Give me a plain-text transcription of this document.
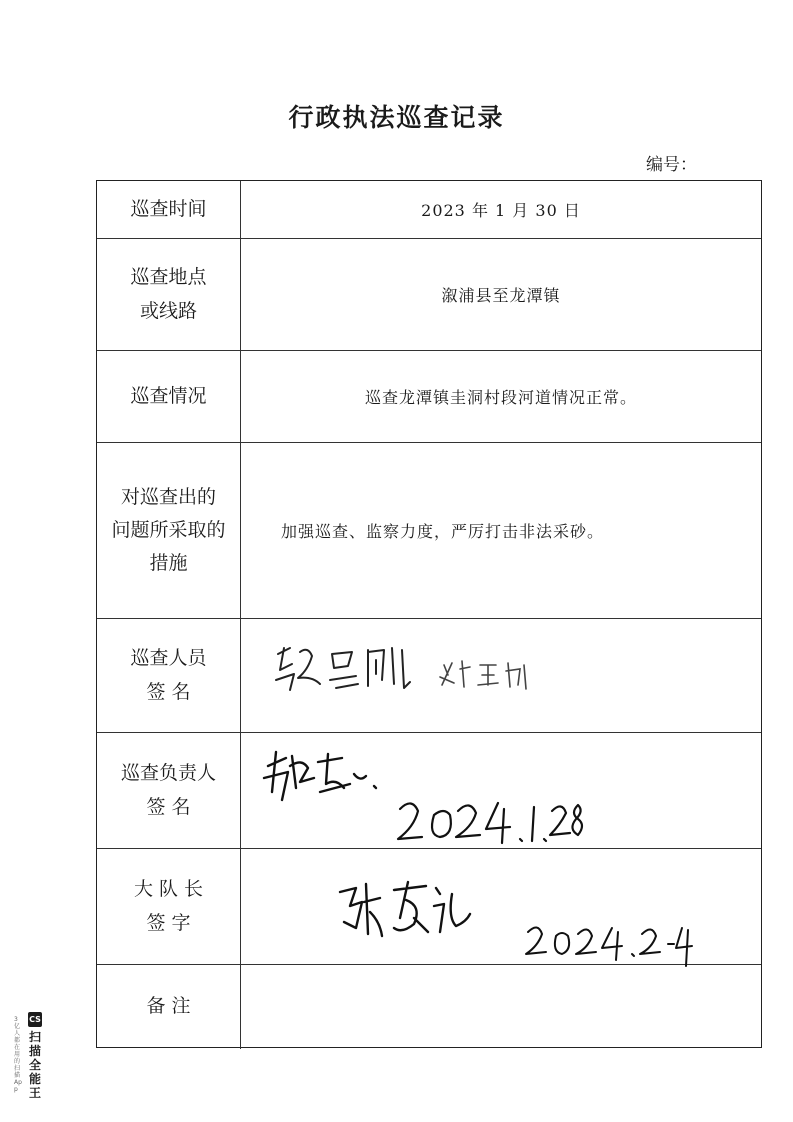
行政执法巡查记录
编号：
巡查时间	2023 年 1 月 30 日
巡查地点
或线路
溆浦县至龙潭镇
巡查情况	巡查龙潭镇圭洞村段河道情况正常。
对巡查出的
问题所采取的
措施
加强巡查、监察力度，严厉打击非法采砂。
巡查人员
签 名
巡查负责人
签 名
大 队 长
签 字
备 注
CS
扫描全能王
3亿人都在用的扫描App
